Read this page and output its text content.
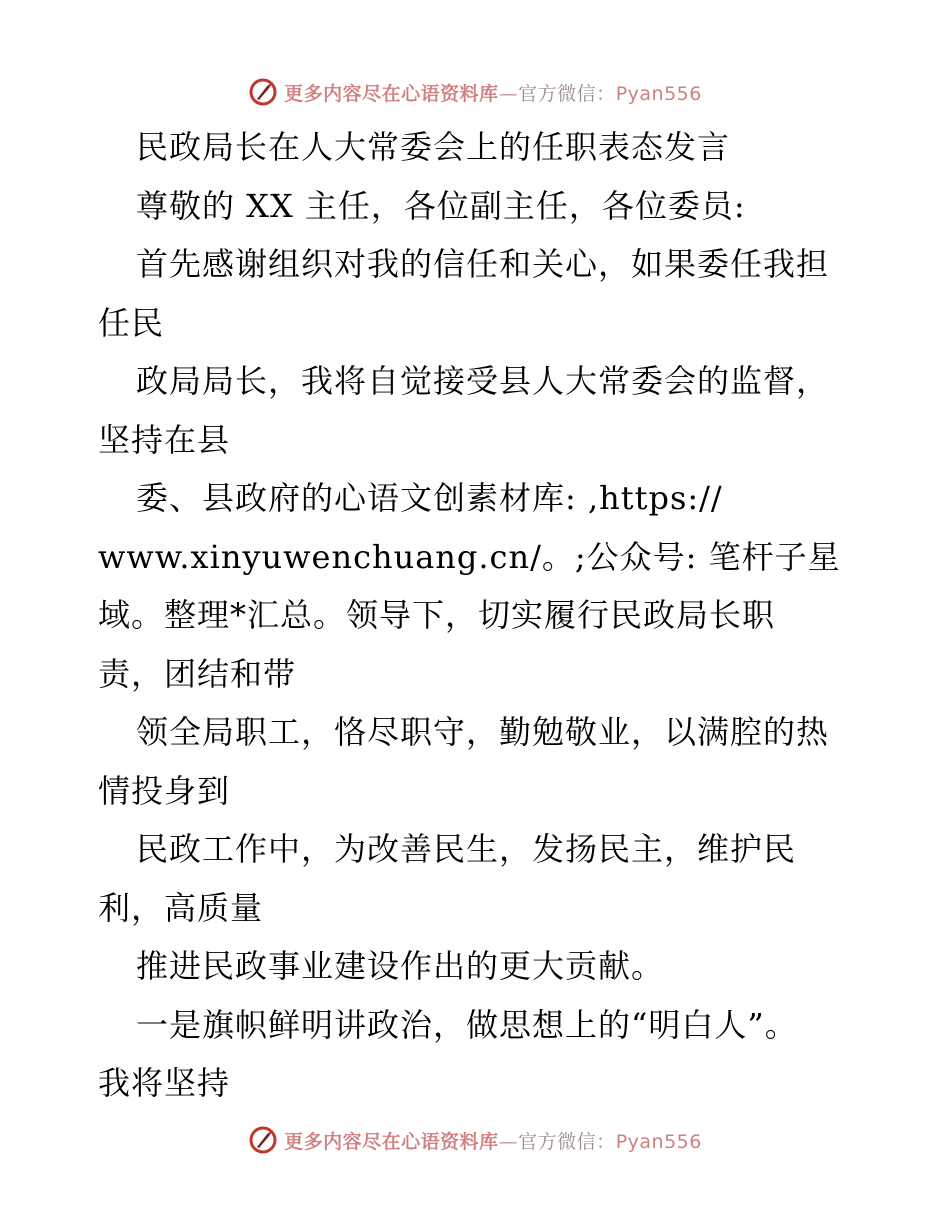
更多内容尽在心语资料库—官方微信：Pyan556
民政局长在人大常委会上的任职表态发言
尊敬的 XX 主任，各位副主任，各位委员:
首先感谢组织对我的信任和关心，如果委任我担
任民
政局局长，我将自觉接受县人大常委会的监督，
坚持在县
委、县政府的心语文创素材库: ,https://
www.xinyuwenchuang.cn/。;公众号: 笔杆子星
域。整理*汇总。领导下，切实履行民政局长职
责，团结和带
领全局职工，恪尽职守，勤勉敬业，以满腔的热
情投身到
民政工作中，为改善民生，发扬民主，维护民
利，高质量
推进民政事业建设作出的更大贡献。
一是旗帜鲜明讲政治，做思想上的“明白人”。
我将坚持
更多内容尽在心语资料库—官方微信：Pyan556
